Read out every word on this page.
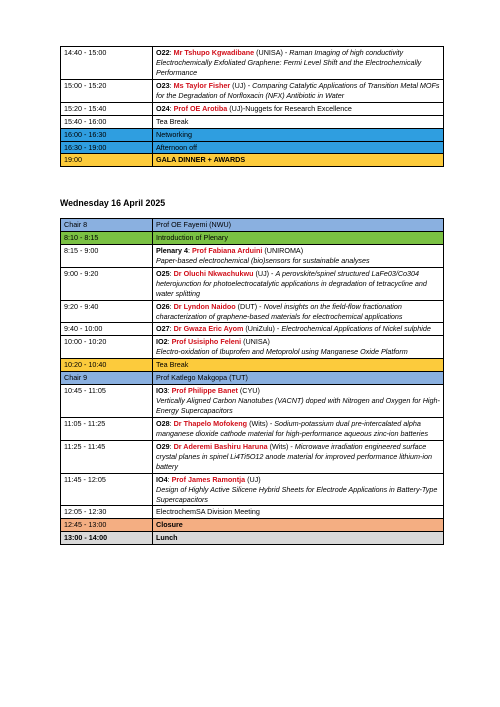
14:40 - 15:00	O22: Mr Tshupo Kgwadibane (UNISA) - Raman Imaging of high conductivity Electrochemically Exfoliated Graphene: Fermi Level Shift and the Electrochemically Performance
15:00 - 15:20	O23: Ms Taylor Fisher (UJ) - Comparing Catalytic Applications of Transition Metal MOFs for the Degradation of Norfloxacin (NFX) Antibiotic in Water
15:20 - 15:40	O24: Prof OE Arotiba (UJ)-Nuggets for Research Excellence
15:40 - 16:00	Tea Break
16:00 - 16:30	Networking
16:30 - 19:00	Afternoon off
19:00	GALA DINNER + AWARDS
Wednesday 16 April 2025
Chair 8	Prof OE Fayemi (NWU)
8:10 - 8:15	Introduction of Plenary
8:15 - 9:00	Plenary 4: Prof Fabiana Arduini (UNIROMA)
Paper-based electrochemical (bio)sensors for sustainable analyses
9:00 - 9:20	O25: Dr Oluchi Nkwachukwu (UJ) - A perovskite/spinel structured LaFe03/Co304 heterojunction for photoelectrocatalytic applications in degradation of tetracycline and water splitting
9:20 - 9:40	O26: Dr Lyndon Naidoo (DUT) - Novel insights on the field-flow fractionation characterization of graphene-based materials for electrochemical applications
9:40 - 10:00	O27: Dr Gwaza Eric Ayom (UniZulu) - Electrochemical Applications of Nickel sulphide
10:00 - 10:20	IO2: Prof Usisipho Feleni (UNISA)
Electro-oxidation of Ibuprofen and Metoprolol using Manganese Oxide Platform
10:20 - 10:40	Tea Break
Chair 9	Prof Katlego Makgopa (TUT)
10:45 - 11:05	IO3: Prof Philippe Banet (CYU)
Vertically Aligned Carbon Nanotubes (VACNT) doped with Nitrogen and Oxygen for High-Energy Supercapacitors
11:05 - 11:25	O28: Dr Thapelo Mofokeng (Wits) - Sodium-potassium dual pre-intercalated alpha manganese dioxide cathode material for high-performance aqueous zinc-ion batteries
11:25 - 11:45	O29: Dr Aderemi Bashiru Haruna (Wits) - Microwave irradiation engineered surface crystal planes in spinel Li4Ti5O12 anode material for improved performance lithium-ion battery
11:45 - 12:05	IO4: Prof James Ramontja (UJ)
Design of Highly Active Silicene Hybrid Sheets for Electrode Applications in Battery-Type Supercapacitors
12:05 - 12:30	ElectrochemSA Division Meeting
12:45 - 13:00	Closure
13:00 - 14:00	Lunch
